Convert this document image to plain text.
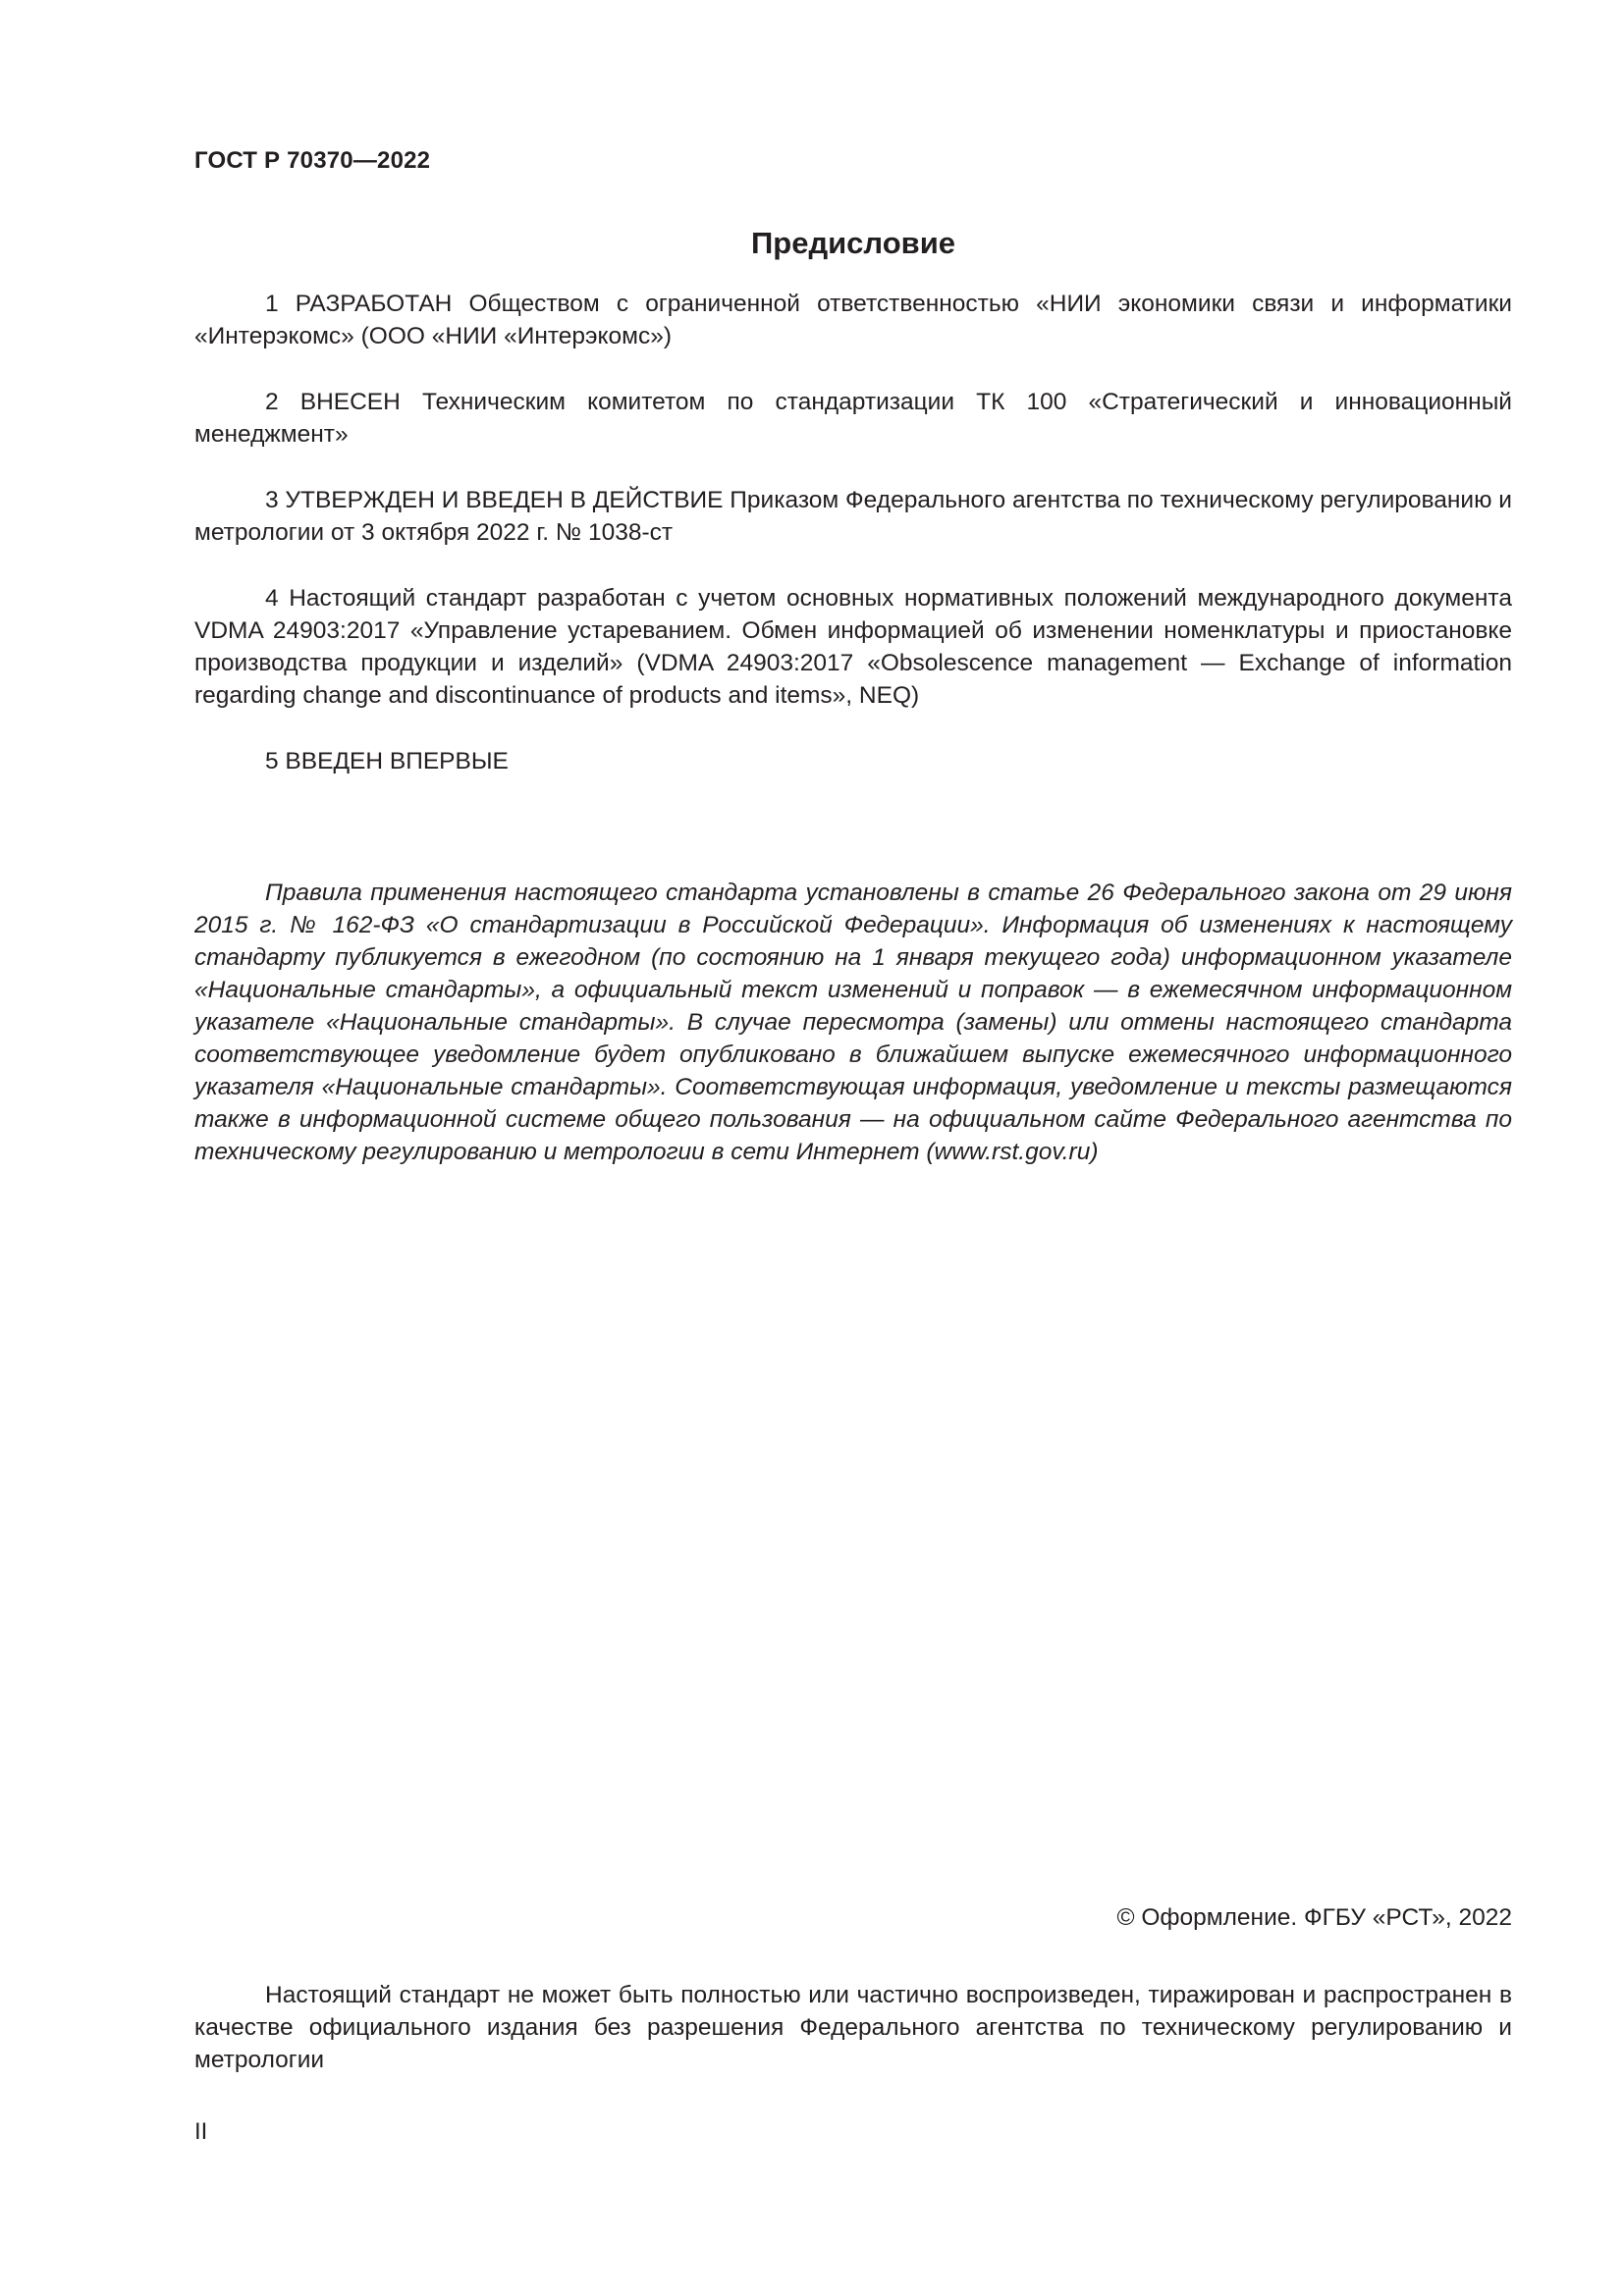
ГОСТ Р 70370—2022

Предисловие

1 РАЗРАБОТАН Обществом с ограниченной ответственностью «НИИ экономики связи и информатики «Интерэкомс» (ООО «НИИ «Интерэкомс»)

2 ВНЕСЕН Техническим комитетом по стандартизации ТК 100 «Стратегический и инновационный менеджмент»

3 УТВЕРЖДЕН И ВВЕДЕН В ДЕЙСТВИЕ Приказом Федерального агентства по техническому регулированию и метрологии от 3 октября 2022 г. № 1038-ст

4 Настоящий стандарт разработан с учетом основных нормативных положений международного документа VDMA 24903:2017 «Управление устареванием. Обмен информацией об изменении номенклатуры и приостановке производства продукции и изделий» (VDMA 24903:2017 «Obsolescence management — Exchange of information regarding change and discontinuance of products and items», NEQ)

5 ВВЕДЕН ВПЕРВЫЕ

Правила применения настоящего стандарта установлены в статье 26 Федерального закона от 29 июня 2015 г. № 162-ФЗ «О стандартизации в Российской Федерации». Информация об изменениях к настоящему стандарту публикуется в ежегодном (по состоянию на 1 января текущего года) информационном указателе «Национальные стандарты», а официальный текст изменений и поправок — в ежемесячном информационном указателе «Национальные стандарты». В случае пересмотра (замены) или отмены настоящего стандарта соответствующее уведомление будет опубликовано в ближайшем выпуске ежемесячного информационного указателя «Национальные стандарты». Соответствующая информация, уведомление и тексты размещаются также в информационной системе общего пользования — на официальном сайте Федерального агентства по техническому регулированию и метрологии в сети Интернет (www.rst.gov.ru)

© Оформление. ФГБУ «РСТ», 2022

Настоящий стандарт не может быть полностью или частично воспроизведен, тиражирован и распространен в качестве официального издания без разрешения Федерального агентства по техническому регулированию и метрологии

II
